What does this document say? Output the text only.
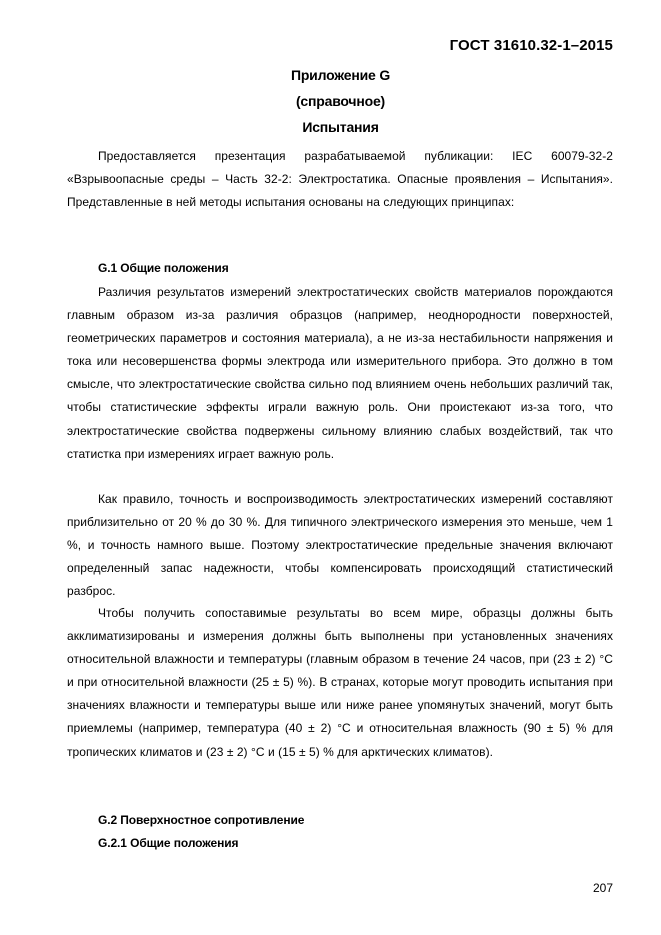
ГОСТ 31610.32-1–2015
Приложение G
(справочное)
Испытания

Предоставляется презентация разрабатываемой публикации: IEC 60079-32-2 «Взрывоопасные среды – Часть 32-2: Электростатика. Опасные проявления – Испытания». Представленные в ней методы испытания основаны на следующих принципах:

G.1 Общие положения

Различия результатов измерений электростатических свойств материалов порождаются главным образом из-за различия образцов (например, неоднородности поверхностей, геометрических параметров и состояния материала), а не из-за нестабильности напряжения и тока или несовершенства формы электрода или измерительного прибора. Это должно в том смысле, что электростатические свойства сильно под влиянием очень небольших различий так, чтобы статистические эффекты играли важную роль. Они проистекают из-за того, что электростатические свойства подвержены сильному влиянию слабых воздействий, так что статистка при измерениях играет важную роль.

Как правило, точность и воспроизводимость электростатических измерений составляют приблизительно от 20 % до 30 %. Для типичного электрического измерения это меньше, чем 1 %, и точность намного выше. Поэтому электростатические предельные значения включают определенный запас надежности, чтобы компенсировать происходящий статистический разброс.

Чтобы получить сопоставимые результаты во всем мире, образцы должны быть акклиматизированы и измерения должны быть выполнены при установленных значениях относительной влажности и температуры (главным образом в течение 24 часов, при (23 ± 2) °С и при относительной влажности (25 ± 5) %). В странах, которые могут проводить испытания при значениях влажности и температуры выше или ниже ранее упомянутых значений, могут быть приемлемы (например, температура (40 ± 2) °С и относительная влажность (90 ± 5) % для тропических климатов и (23 ± 2) °С и (15 ± 5) % для арктических климатов).

G.2 Поверхностное сопротивление
G.2.1 Общие положения
207
